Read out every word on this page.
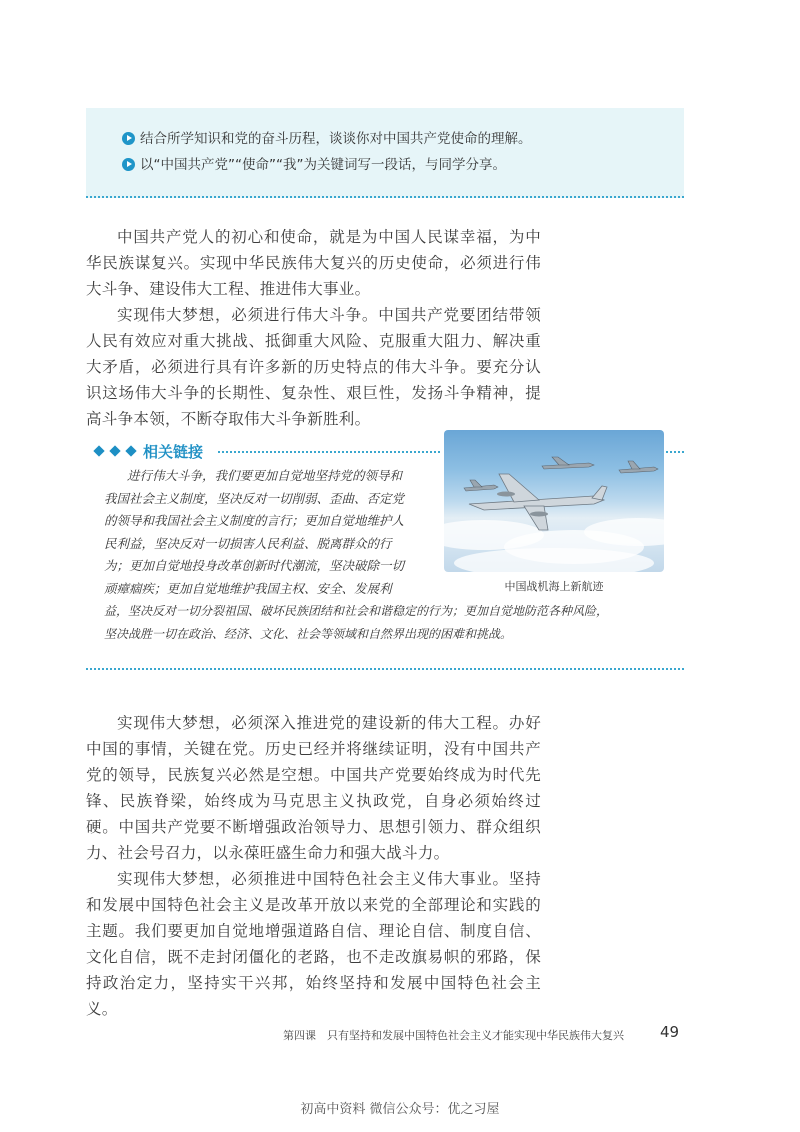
结合所学知识和党的奋斗历程，谈谈你对中国共产党使命的理解。
以“中国共产党”“使命”“我”为关键词写一段话，与同学分享。

中国共产党人的初心和使命，就是为中国人民谋幸福，为中华民族谋复兴。实现中华民族伟大复兴的历史使命，必须进行伟大斗争、建设伟大工程、推进伟大事业。

实现伟大梦想，必须进行伟大斗争。中国共产党要团结带领人民有效应对重大挑战、抵御重大风险、克服重大阻力、解决重大矛盾，必须进行具有许多新的历史特点的伟大斗争。要充分认识这场伟大斗争的长期性、复杂性、艰巨性，发扬斗争精神，提高斗争本领，不断夺取伟大斗争新胜利。

相关链接
进行伟大斗争，我们要更加自觉地坚持党的领导和
我国社会主义制度，坚决反对一切削弱、歪曲、否定党
的领导和我国社会主义制度的言行；更加自觉地维护人
民利益，坚决反对一切损害人民利益、脱离群众的行
为；更加自觉地投身改革创新时代潮流，坚决破除一切
顽瘴痼疾；更加自觉地维护我国主权、安全、发展利
益，坚决反对一切分裂祖国、破坏民族团结和社会和谐稳定的行为；更加自觉地防范各种风险，
坚决战胜一切在政治、经济、文化、社会等领域和自然界出现的困难和挑战。
中国战机海上新航迹

实现伟大梦想，必须深入推进党的建设新的伟大工程。办好中国的事情，关键在党。历史已经并将继续证明，没有中国共产党的领导，民族复兴必然是空想。中国共产党要始终成为时代先锋、民族脊梁，始终成为马克思主义执政党，自身必须始终过硬。中国共产党要不断增强政治领导力、思想引领力、群众组织力、社会号召力，以永葆旺盛生命力和强大战斗力。

实现伟大梦想，必须推进中国特色社会主义伟大事业。坚持和发展中国特色社会主义是改革开放以来党的全部理论和实践的主题。我们要更加自觉地增强道路自信、理论自信、制度自信、文化自信，既不走封闭僵化的老路，也不走改旗易帜的邪路，保持政治定力，坚持实干兴邦，始终坚持和发展中国特色社会主义。

第四课　只有坚持和发展中国特色社会主义才能实现中华民族伟大复兴 49
初高中资料 微信公众号：优之习屋
